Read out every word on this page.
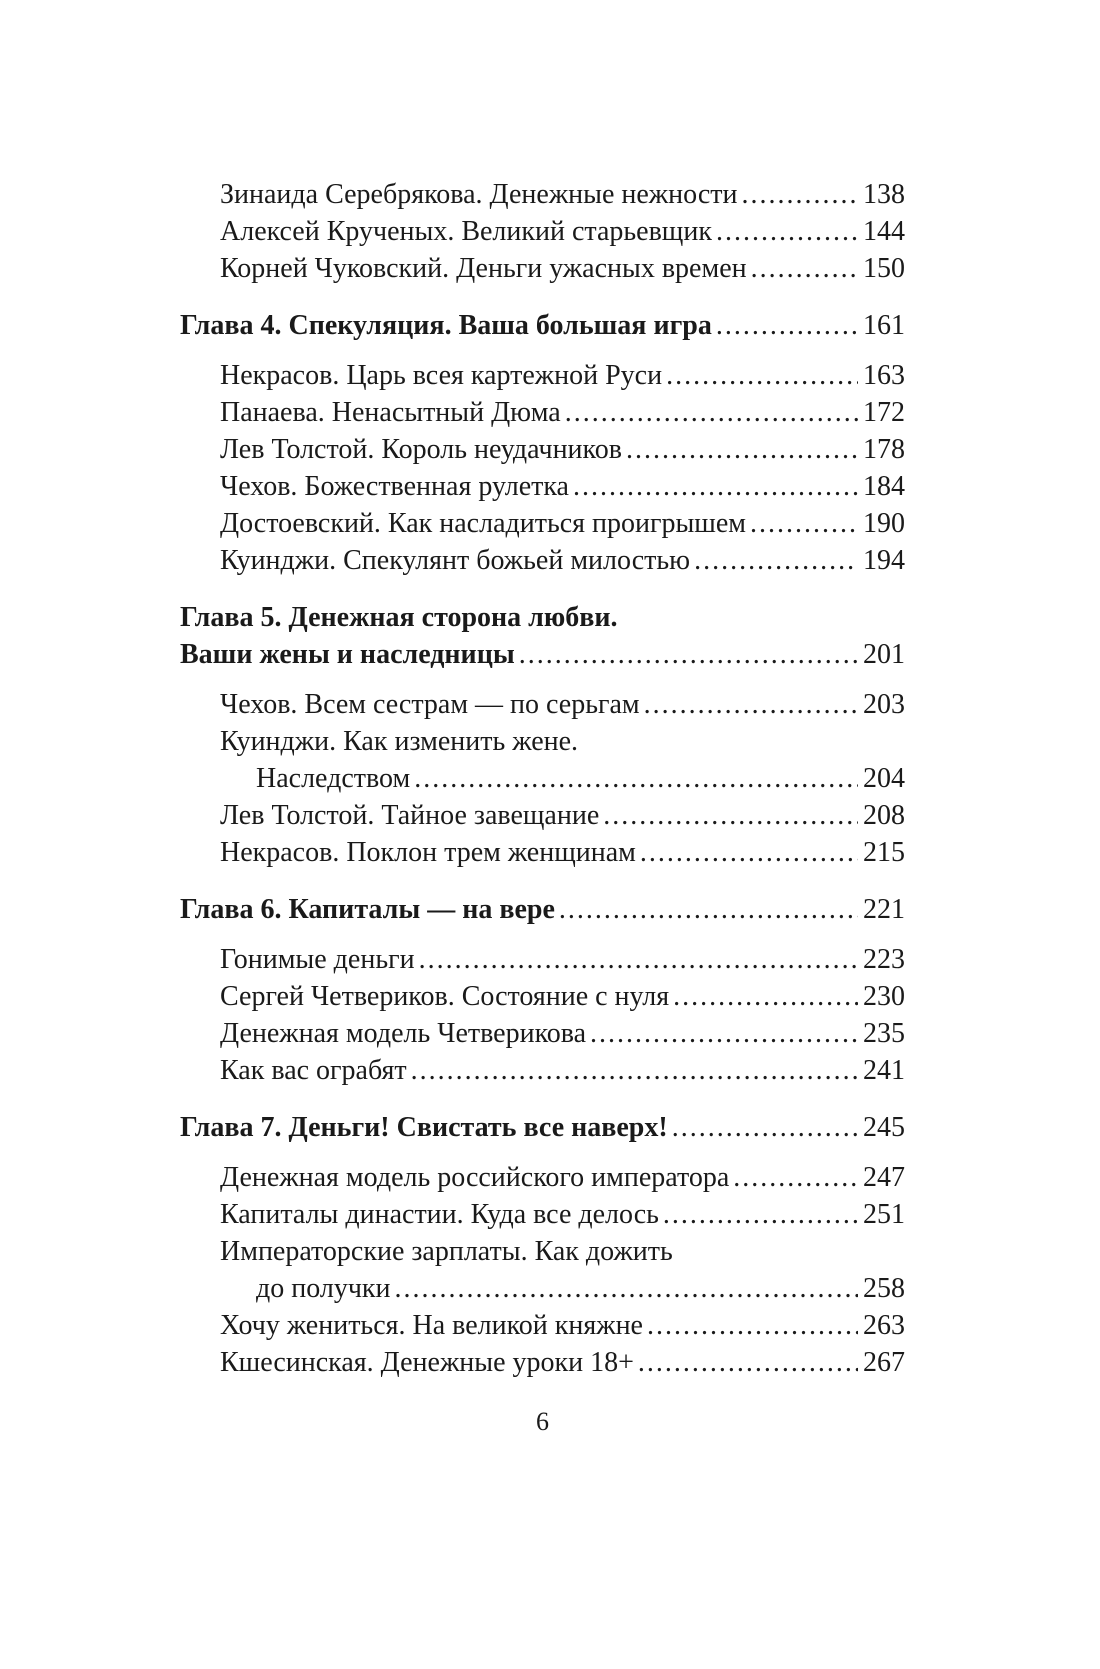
Зинаида Серебрякова. Денежные нежности .....	138
Алексей Крученых. Великий старьевщик .....	144
Корней Чуковский. Деньги ужасных времен .....	150
Глава 4. Спекуляция. Ваша большая игра .....	161
Некрасов. Царь всея картежной Руси .....	163
Панаева. Ненасытный Дюма .....	172
Лев Толстой. Король неудачников .....	178
Чехов. Божественная рулетка .....	184
Достоевский. Как насладиться проигрышем .....	190
Куинджи. Спекулянт божьей милостью .....	194
Глава 5. Денежная сторона любви.
Ваши жены и наследницы .....	201
Чехов. Всем сестрам — по серьгам .....	203
Куинджи. Как изменить жене.
Наследством .....	204
Лев Толстой. Тайное завещание .....	208
Некрасов. Поклон трем женщинам .....	215
Глава 6. Капиталы — на вере .....	221
Гонимые деньги .....	223
Сергей Четвериков. Состояние с нуля .....	230
Денежная модель Четверикова .....	235
Как вас ограбят .....	241
Глава 7. Деньги! Свистать все наверх! .....	245
Денежная модель российского императора .....	247
Капиталы династии. Куда все делось .....	251
Императорские зарплаты. Как дожить
до получки .....	258
Хочу жениться. На великой княжне .....	263
Кшесинская. Денежные уроки 18+ .....	267
6
